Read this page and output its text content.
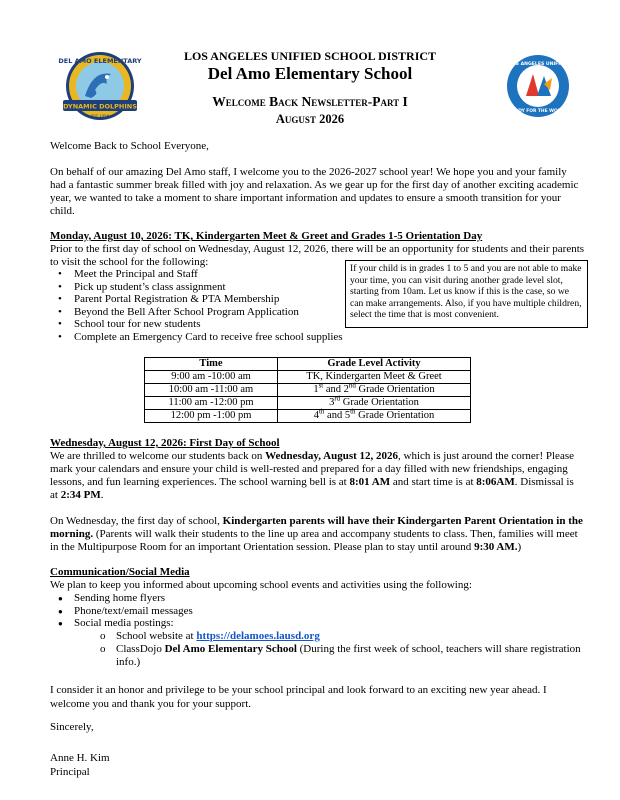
DEL AMO ELEMENTARY
DYNAMIC DOLPHINS
EST 1956
LOS ANGELES UNIFIED
READY FOR THE WORLD
LOS ANGELES UNIFIED SCHOOL DISTRICT
Del Amo Elementary School
Welcome Back Newsletter-Part I
August 2026

Welcome Back to School Everyone,

On behalf of our amazing Del Amo staff, I welcome you to the 2026-2027 school year! We hope you and your family had a fantastic summer break filled with joy and relaxation. As we gear up for the first day of another exciting academic year, we wanted to take a moment to share important information and updates to ensure a smooth transition for your child.

Monday, August 10, 2026: TK, Kindergarten Meet & Greet and Grades 1-5 Orientation Day

Prior to the first day of school on Wednesday, August 12, 2026, there will be an opportunity for students and their parents to visit the school for the following:

• Meet the Principal and Staff
• Pick up student’s class assignment
• Parent Portal Registration & PTA Membership
• Beyond the Bell After School Program Application
• School tour for new students
• Complete an Emergency Card to receive free school supplies
If your child is in grades 1 to 5 and you are not able to make your time, you can visit during another grade level slot, starting from 10am. Let us know if this is the case, so we can make arrangements. Also, if you have multiple children, select the time that is most convenient.
Time	Grade Level Activity
9:00 am -10:00 am	TK, Kindergarten Meet & Greet
10:00 am -11:00 am	1st and 2nd Grade Orientation
11:00 am -12:00 pm	3rd Grade Orientation
12:00 pm -1:00 pm	4th and 5th Grade Orientation

Wednesday, August 12, 2026: First Day of School

We are thrilled to welcome our students back on Wednesday, August 12, 2026, which is just around the corner! Please mark your calendars and ensure your child is well-rested and prepared for a day filled with new friendships, engaging lessons, and fun learning experiences. The school warning bell is at 8:01 AM and start time is at 8:06AM. Dismissal is at 2:34 PM.

On Wednesday, the first day of school, Kindergarten parents will have their Kindergarten Parent Orientation in the morning. (Parents will walk their students to the line up area and accompany students to class. Then, families will meet in the Multipurpose Room for an important Orientation session. Please plan to stay until around 9:30 AM.)

Communication/Social Media

We plan to keep you informed about upcoming school events and activities using the following:

● Sending home flyers
● Phone/text/email messages
● Social media postings:
o School website at https://delamoes.lausd.org
o ClassDojo Del Amo Elementary School (During the first week of school, teachers will share registration info.)

I consider it an honor and privilege to be your school principal and look forward to an exciting new year ahead. I welcome you and thank you for your support.

Sincerely,

Anne H. Kim

Principal
